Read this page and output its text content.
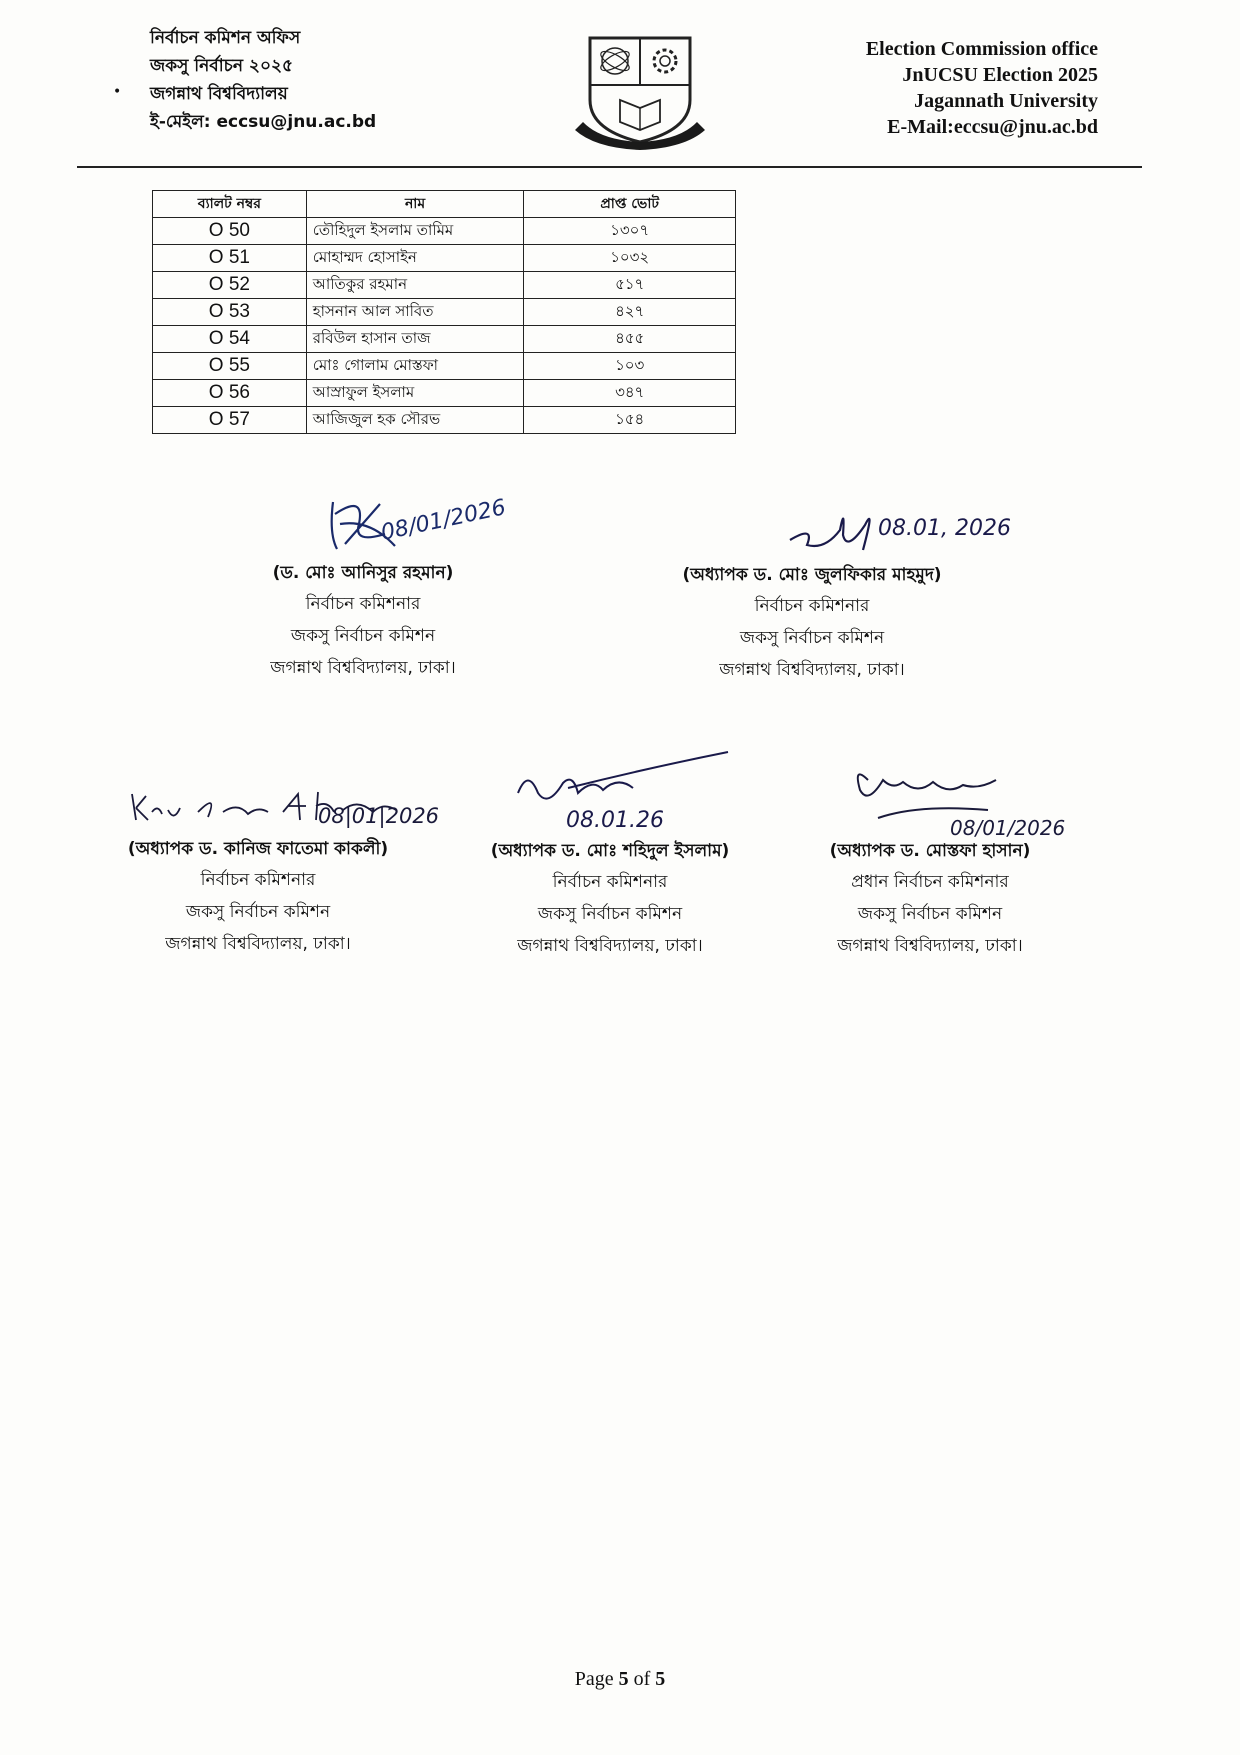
নির্বাচন কমিশন অফিস
জকসু নির্বাচন ২০২৫
জগন্নাথ বিশ্ববিদ্যালয়
ই-মেইল: eccsu@jnu.ac.bd
•
Election Commission office
JnUCSU Election 2025
Jagannath University
E-Mail:eccsu@jnu.ac.bd
ব্যালট নম্বর	নাম	প্রাপ্ত ভোট
O 50	তৌহিদুল ইসলাম তামিম	১৩০৭
O 51	মোহাম্মদ হোসাইন	১০৩২
O 52	আতিকুর রহমান	৫১৭
O 53	হাসনান আল সাবিত	৪২৭
O 54	রবিউল হাসান তাজ	৪৫৫
O 55	মোঃ গোলাম মোস্তফা	১০৩
O 56	আস্রাফুল ইসলাম	৩৪৭
O 57	আজিজুল হক সৌরভ	১৫৪
08/01/2026
(ড. মোঃ আনিসুর রহমান)
নির্বাচন কমিশনার
জকসু নির্বাচন কমিশন
জগন্নাথ বিশ্ববিদ্যালয়, ঢাকা।
08.01, 2026
(অধ্যাপক ড. মোঃ জুলফিকার মাহমুদ)
নির্বাচন কমিশনার
জকসু নির্বাচন কমিশন
জগন্নাথ বিশ্ববিদ্যালয়, ঢাকা।
08|01|2026
(অধ্যাপক ড. কানিজ ফাতেমা কাকলী)
নির্বাচন কমিশনার
জকসু নির্বাচন কমিশন
জগন্নাথ বিশ্ববিদ্যালয়, ঢাকা।
08.01.26
(অধ্যাপক ড. মোঃ শহিদুল ইসলাম)
নির্বাচন কমিশনার
জকসু নির্বাচন কমিশন
জগন্নাথ বিশ্ববিদ্যালয়, ঢাকা।
08/01/2026
(অধ্যাপক ড. মোস্তফা হাসান)
প্রধান নির্বাচন কমিশনার
জকসু নির্বাচন কমিশন
জগন্নাথ বিশ্ববিদ্যালয়, ঢাকা।
Page 5 of 5
